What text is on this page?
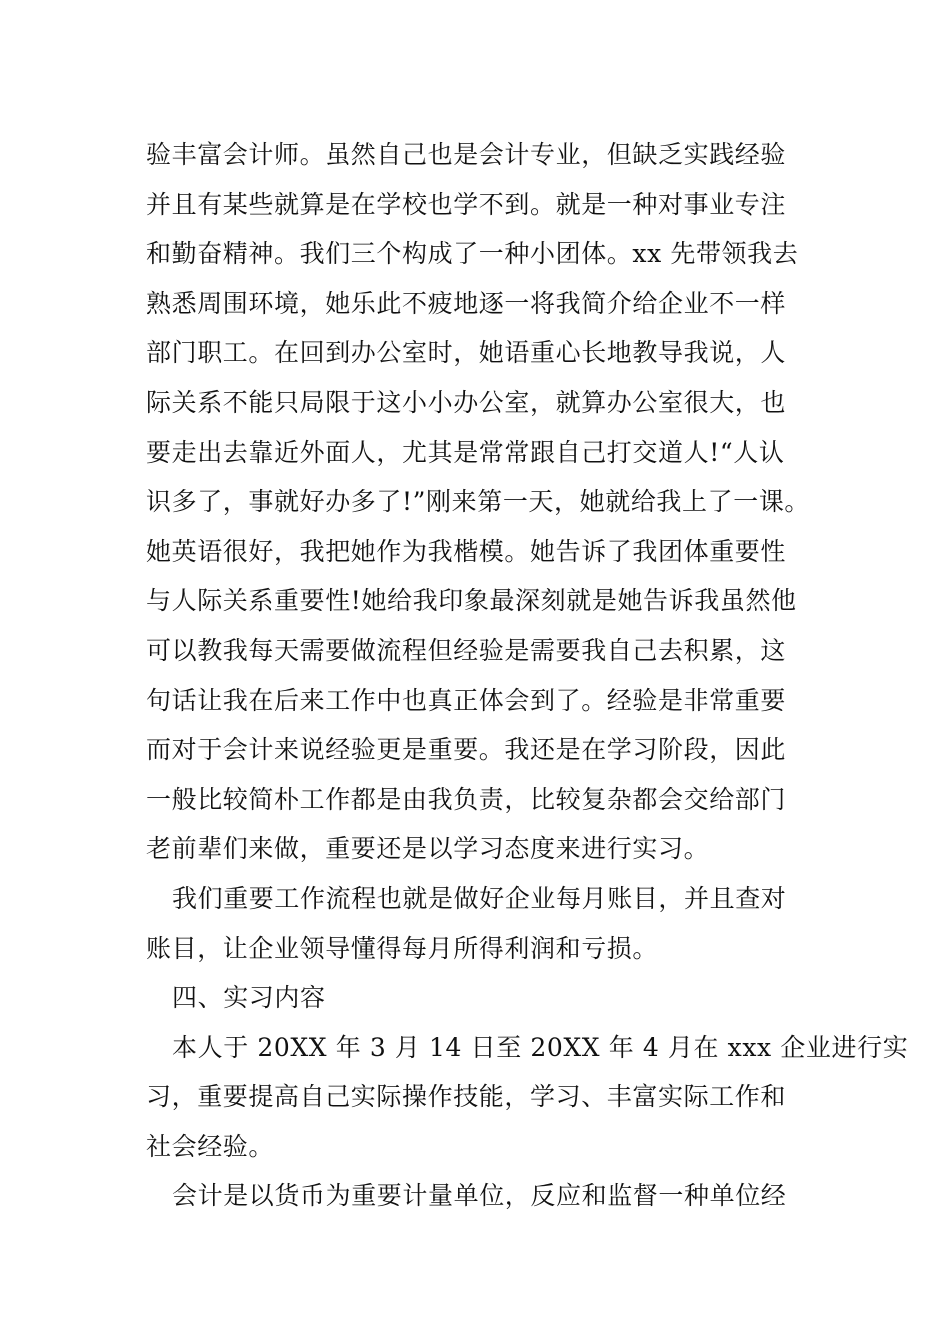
验丰富会计师。虽然自己也是会计专业，但缺乏实践经验
并且有某些就算是在学校也学不到。就是一种对事业专注
和勤奋精神。我们三个构成了一种小团体。xx 先带领我去
熟悉周围环境，她乐此不疲地逐一将我简介给企业不一样
部门职工。在回到办公室时，她语重心长地教导我说，人
际关系不能只局限于这小小办公室，就算办公室很大，也
要走出去靠近外面人，尤其是常常跟自己打交道人!“人认
识多了，事就好办多了!”刚来第一天，她就给我上了一课。
她英语很好，我把她作为我楷模。她告诉了我团体重要性
与人际关系重要性!她给我印象最深刻就是她告诉我虽然他
可以教我每天需要做流程但经验是需要我自己去积累，这
句话让我在后来工作中也真正体会到了。经验是非常重要
而对于会计来说经验更是重要。我还是在学习阶段，因此
一般比较简朴工作都是由我负责，比较复杂都会交给部门
老前辈们来做，重要还是以学习态度来进行实习。
我们重要工作流程也就是做好企业每月账目，并且查对
账目，让企业领导懂得每月所得利润和亏损。
四、实习内容
本人于 20XX 年 3 月 14 日至 20XX 年 4 月在 xxx 企业进行实
习，重要提高自己实际操作技能，学习、丰富实际工作和
社会经验。
会计是以货币为重要计量单位，反应和监督一种单位经
